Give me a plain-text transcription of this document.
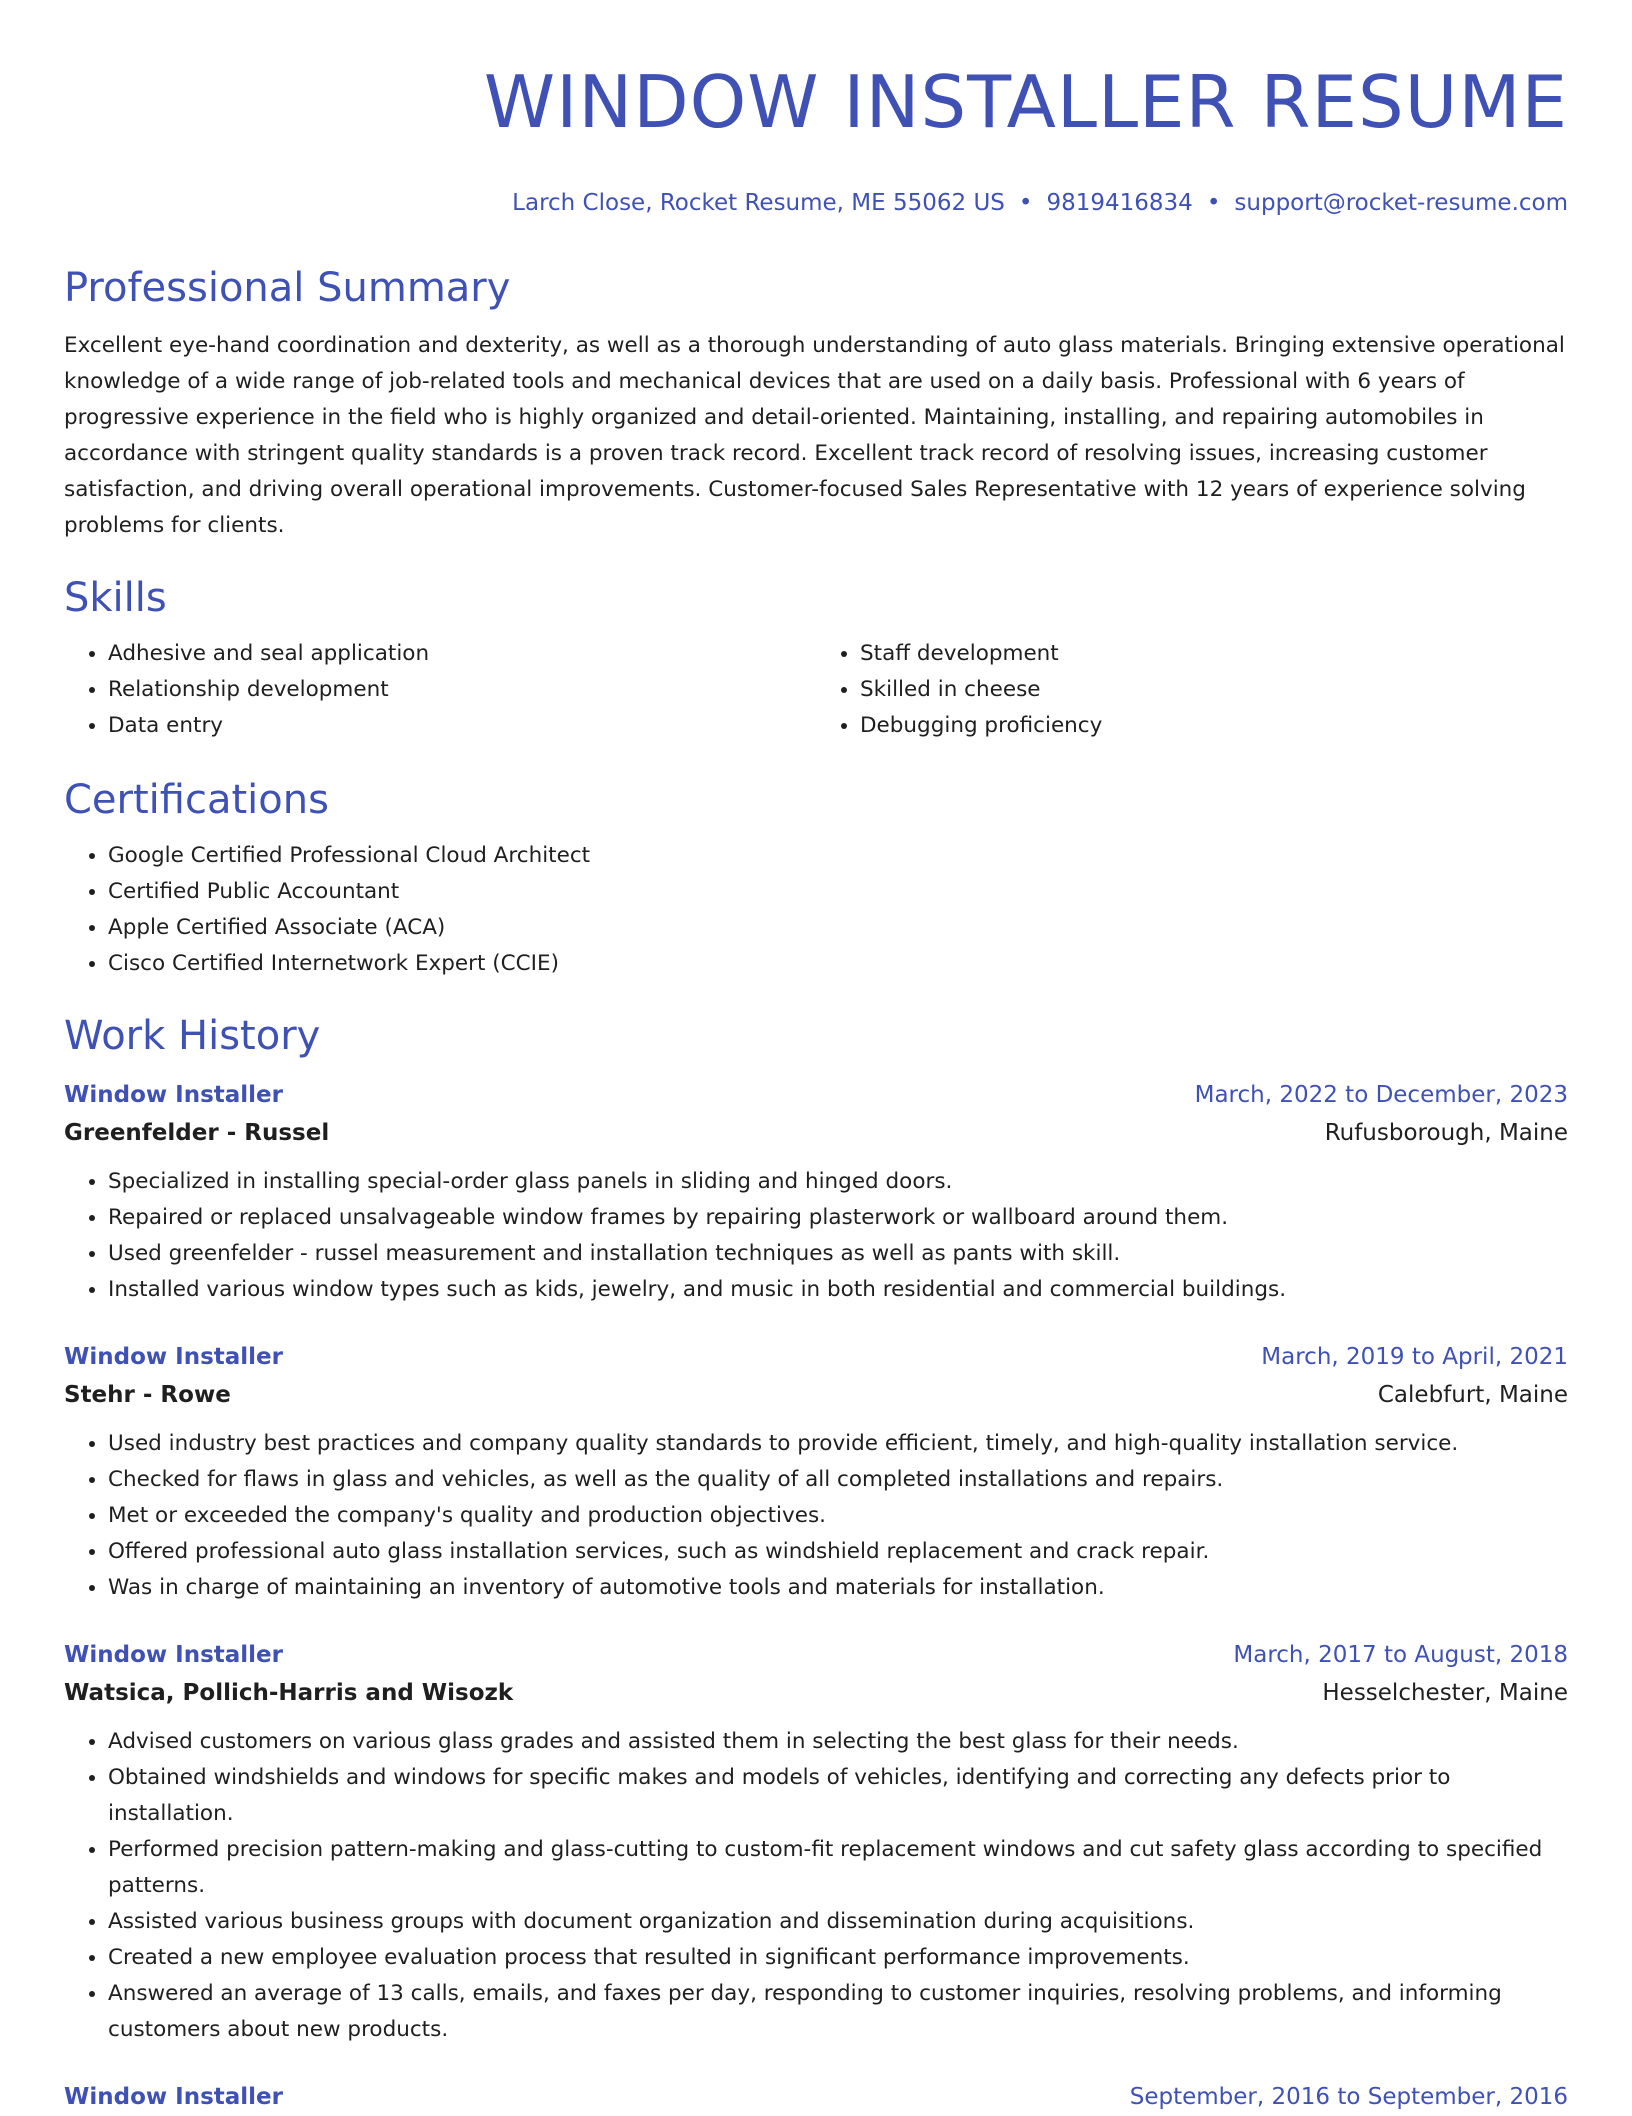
WINDOW INSTALLER RESUME
Larch Close, Rocket Resume, ME 55062 US • 9819416834 • support@rocket-resume.com
Professional Summary

Excellent eye-hand coordination and dexterity, as well as a thorough understanding of auto glass materials. Bringing extensive operational knowledge of a wide range of job-related tools and mechanical devices that are used on a daily basis. Professional with 6 years of progressive experience in the field who is highly organized and detail-oriented. Maintaining, installing, and repairing automobiles in accordance with stringent quality standards is a proven track record. Excellent track record of resolving issues, increasing customer satisfaction, and driving overall operational improvements. Customer-focused Sales Representative with 12 years of experience solving problems for clients.

Skills
• Adhesive and seal application
• Relationship development
• Data entry
• Staff development
• Skilled in cheese
• Debugging proficiency
Certifications
• Google Certified Professional Cloud Architect
• Certified Public Accountant
• Apple Certified Associate (ACA)
• Cisco Certified Internetwork Expert (CCIE)
Work History
Window Installer	March, 2022 to December, 2023
Greenfelder - Russel	Rufusborough, Maine
• Specialized in installing special-order glass panels in sliding and hinged doors.
• Repaired or replaced unsalvageable window frames by repairing plasterwork or wallboard around them.
• Used greenfelder - russel measurement and installation techniques as well as pants with skill.
• Installed various window types such as kids, jewelry, and music in both residential and commercial buildings.
Window Installer	March, 2019 to April, 2021
Stehr - Rowe	Calebfurt, Maine
• Used industry best practices and company quality standards to provide efficient, timely, and high-quality installation service.
• Checked for flaws in glass and vehicles, as well as the quality of all completed installations and repairs.
• Met or exceeded the company's quality and production objectives.
• Offered professional auto glass installation services, such as windshield replacement and crack repair.
• Was in charge of maintaining an inventory of automotive tools and materials for installation.
Window Installer	March, 2017 to August, 2018
Watsica, Pollich-Harris and Wisozk	Hesselchester, Maine
• Advised customers on various glass grades and assisted them in selecting the best glass for their needs.
• Obtained windshields and windows for specific makes and models of vehicles, identifying and correcting any defects prior to installation.
• Performed precision pattern-making and glass-cutting to custom-fit replacement windows and cut safety glass according to specified patterns.
• Assisted various business groups with document organization and dissemination during acquisitions.
• Created a new employee evaluation process that resulted in significant performance improvements.
• Answered an average of 13 calls, emails, and faxes per day, responding to customer inquiries, resolving problems, and informing customers about new products.
Window Installer	September, 2016 to September, 2016
